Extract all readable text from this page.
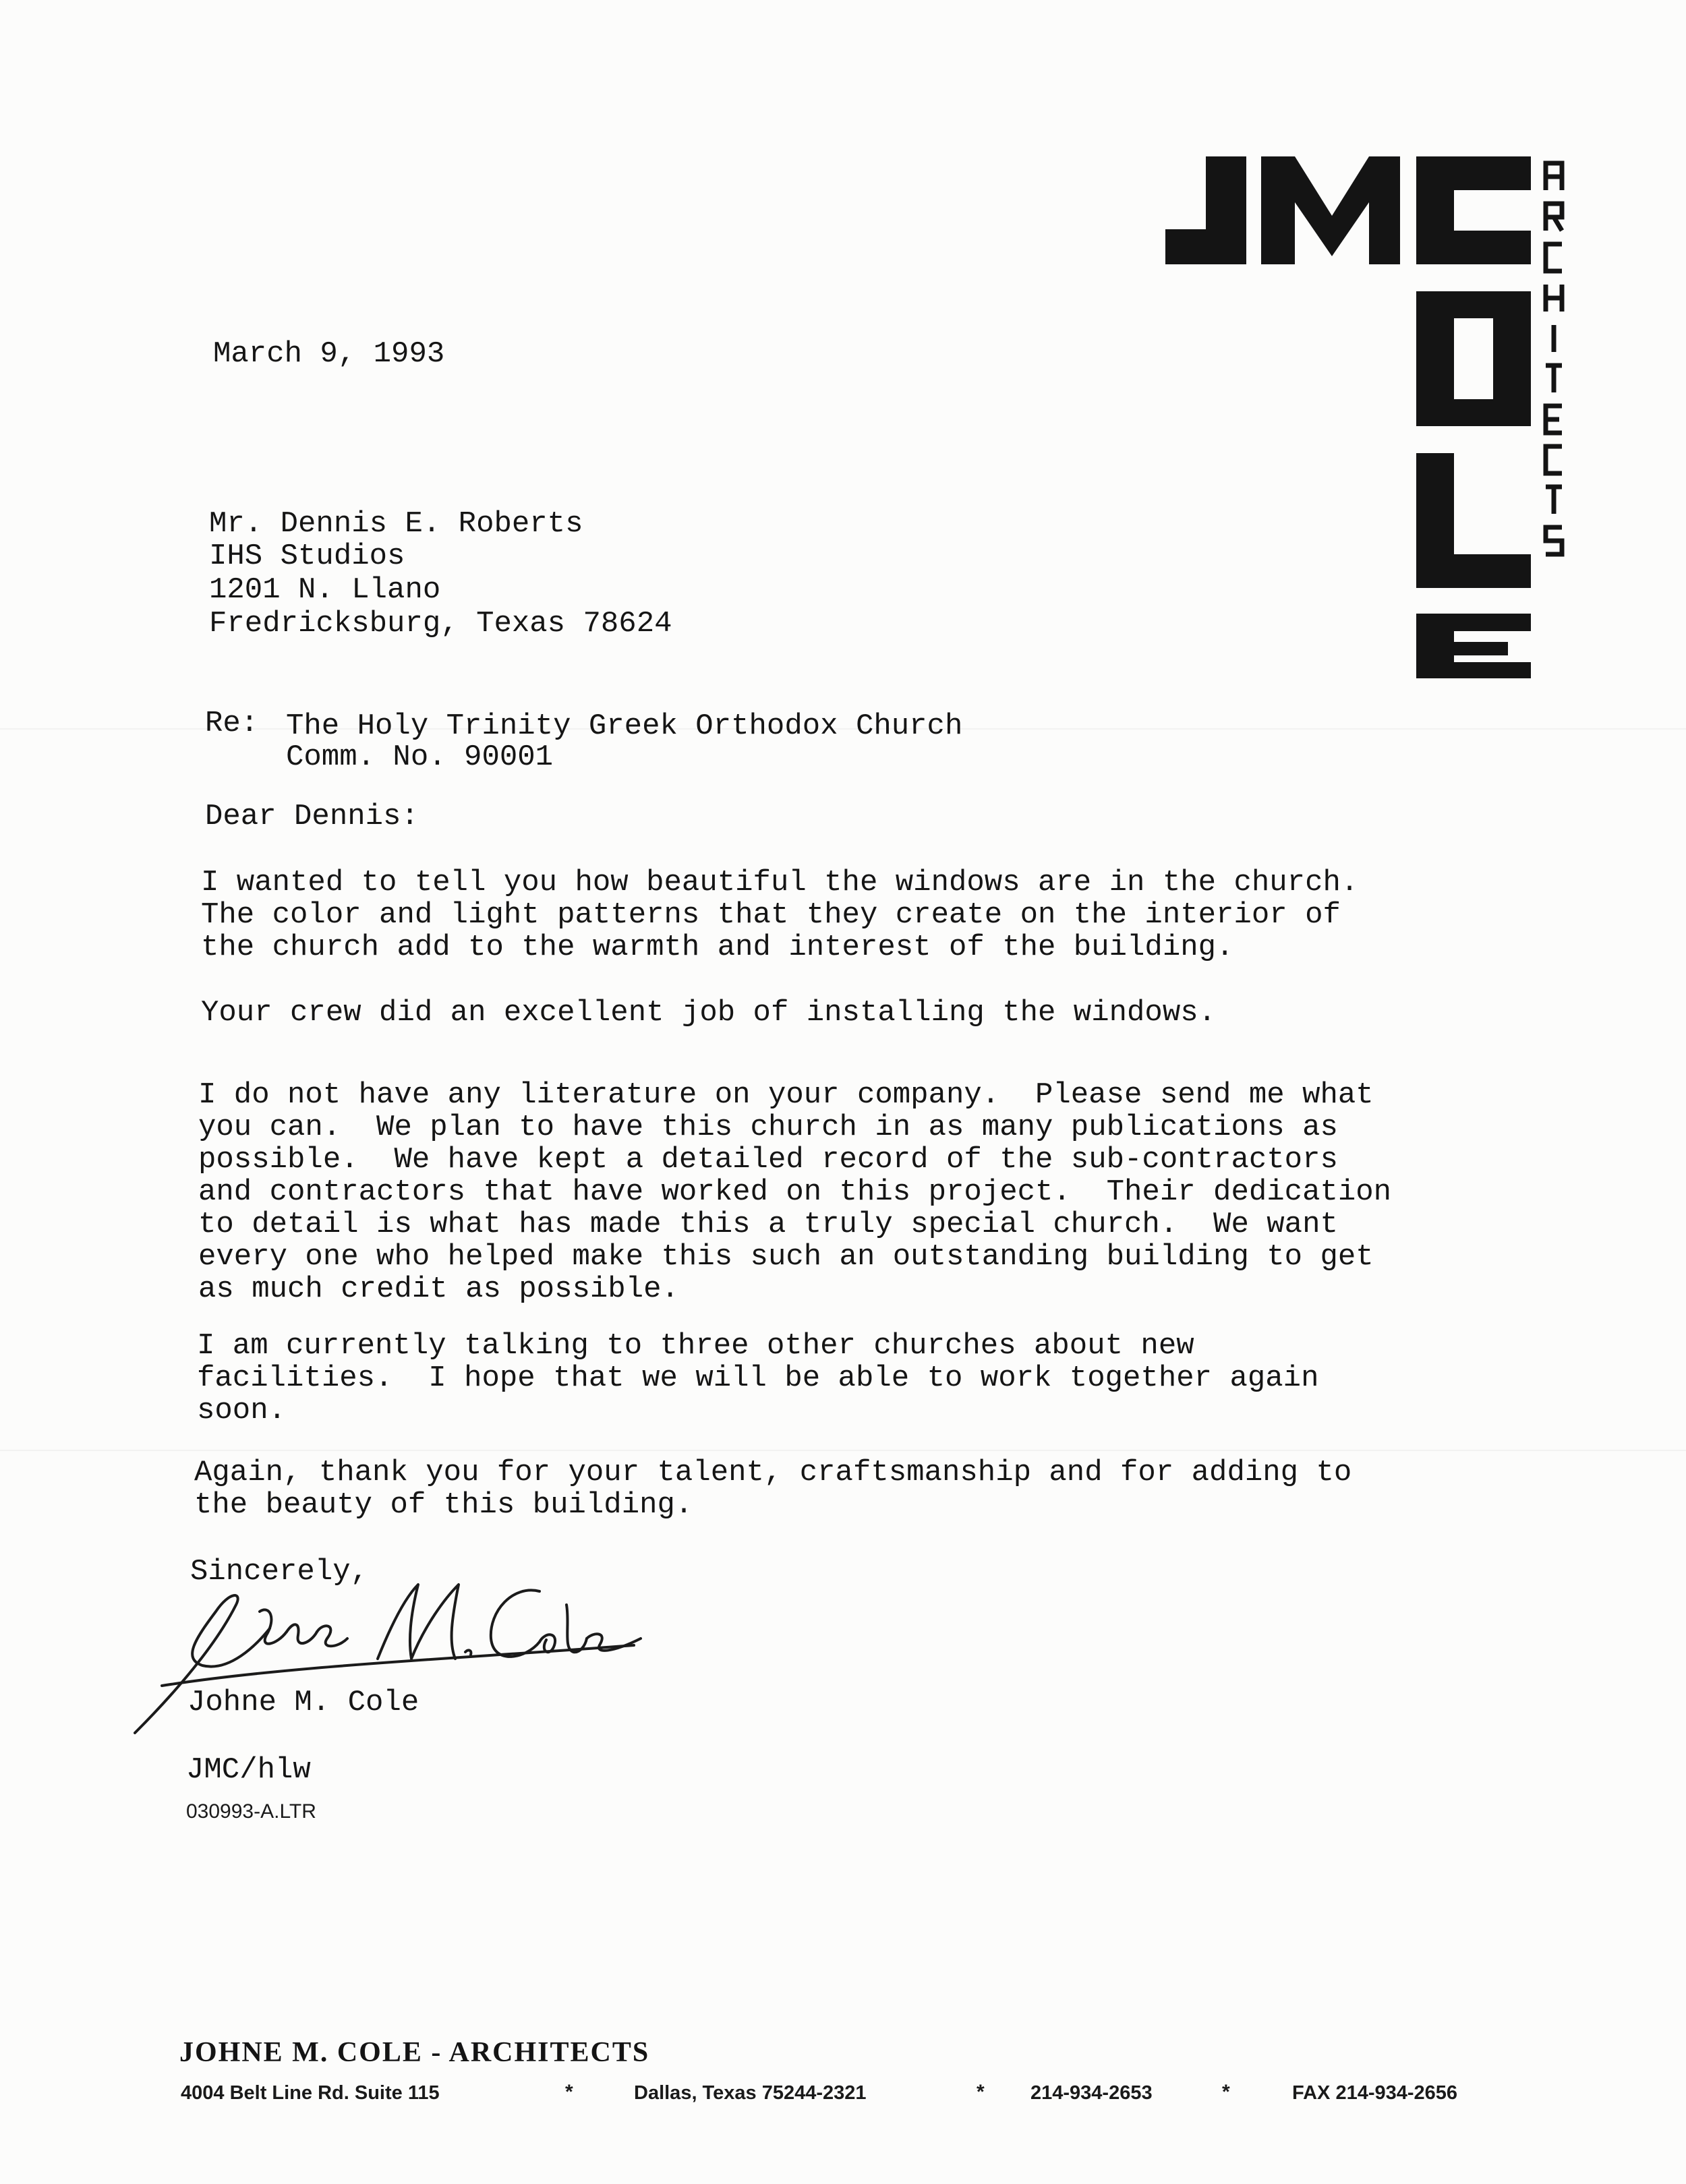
March 9, 1993
Mr. Dennis E. Roberts
IHS Studios
1201 N. Llano
Fredricksburg, Texas 78624
Re: The Holy Trinity Greek Orthodox Church
Comm. No. 90001
Dear Dennis:
I wanted to tell you how beautiful the windows are in the church.
The color and light patterns that they create on the interior of
the church add to the warmth and interest of the building.
Your crew did an excellent job of installing the windows.
I do not have any literature on your company.  Please send me what
you can.  We plan to have this church in as many publications as
possible.  We have kept a detailed record of the sub-contractors
and contractors that have worked on this project.  Their dedication
to detail is what has made this a truly special church.  We want
every one who helped make this such an outstanding building to get
as much credit as possible.
I am currently talking to three other churches about new
facilities.  I hope that we will be able to work together again
soon.
Again, thank you for your talent, craftsmanship and for adding to
the beauty of this building.
Sincerely,
Johne M. Cole
JMC/hlw
030993-A.LTR
JOHNE M. COLE - ARCHITECTS
4004 Belt Line Rd. Suite 115	*	Dallas, Texas 75244-2321	* 214-934-2653	*	FAX 214-934-2656
